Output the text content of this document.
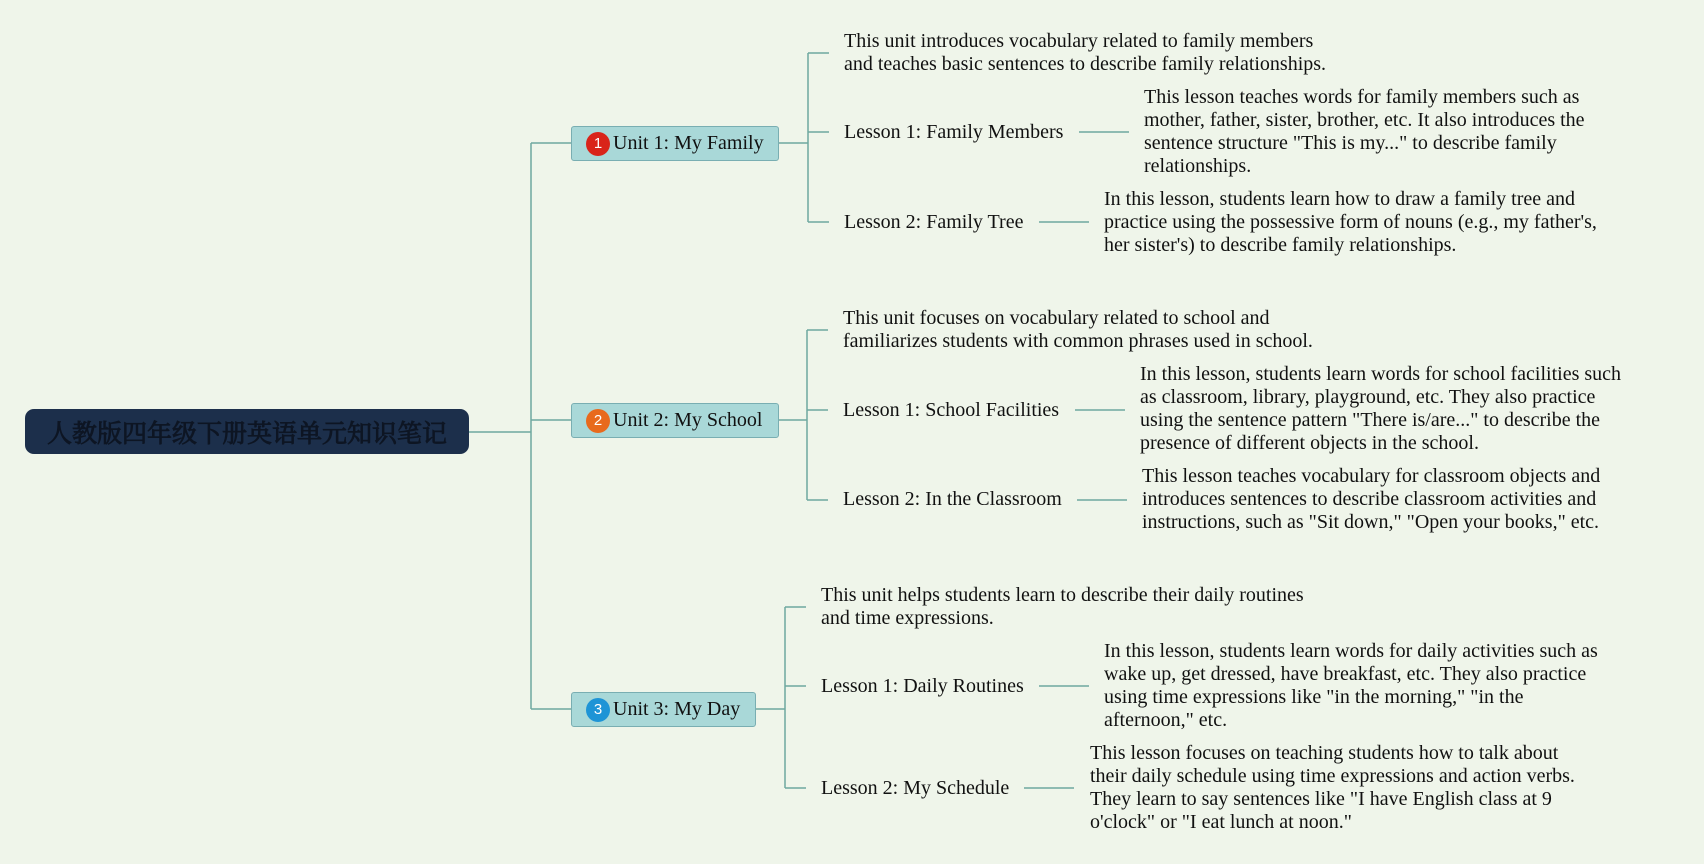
人教版四年级下册英语单元知识笔记
1 Unit 1: My Family
This unit introduces vocabulary related to family members
and teaches basic sentences to describe family relationships.
Lesson 1: Family Members
This lesson teaches words for family members such as
mother, father, sister, brother, etc. It also introduces the
sentence structure "This is my..." to describe family
relationships.
Lesson 2: Family Tree
In this lesson, students learn how to draw a family tree and
practice using the possessive form of nouns (e.g., my father's,
her sister's) to describe family relationships.
2 Unit 2: My School
This unit focuses on vocabulary related to school and
familiarizes students with common phrases used in school.
Lesson 1: School Facilities
In this lesson, students learn words for school facilities such
as classroom, library, playground, etc. They also practice
using the sentence pattern "There is/are..." to describe the
presence of different objects in the school.
Lesson 2: In the Classroom
This lesson teaches vocabulary for classroom objects and
introduces sentences to describe classroom activities and
instructions, such as "Sit down," "Open your books," etc.
3 Unit 3: My Day
This unit helps students learn to describe their daily routines
and time expressions.
Lesson 1: Daily Routines
In this lesson, students learn words for daily activities such as
wake up, get dressed, have breakfast, etc. They also practice
using time expressions like "in the morning," "in the
afternoon," etc.
Lesson 2: My Schedule
This lesson focuses on teaching students how to talk about
their daily schedule using time expressions and action verbs.
They learn to say sentences like "I have English class at 9
o'clock" or "I eat lunch at noon."
